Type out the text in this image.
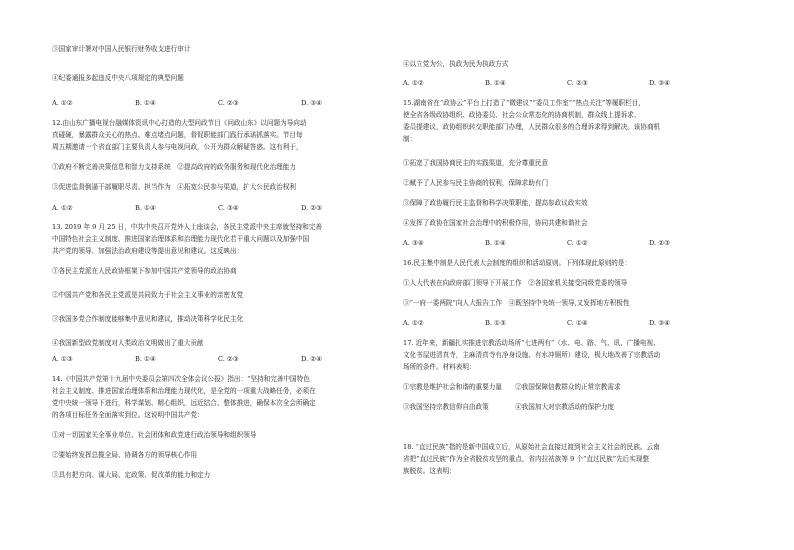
③国家审计署对中国人民银行财务收支进行审计
④纪委通报多起违反中央八项规定的典型问题
A. ①②	B. ①④	C. ②③	D. ③④
12.由山东广播电视台融媒体资讯中心打造的大型问政节目《问政山东》以问题为导向动
真碰硬，暴露群众关心的热点、难点堵点问题，督促职能部门践行承诺抓落实。节目每
周五期邀请一个省直部门主要负责人参与电视问政，公开为群众解疑答惑。这有利于，
①政府不断完善决策信息和智力支持系统　②提高政府的政务服务和现代化治理能力
③促进监督倒逼干部履职尽责、担当作为　④拓宽公民参与渠道，扩大公民政治权利
A. ①②	B. ①④	C. ③④	D. ②③
13. 2019 年 9 月 25 日，中共中央召开党外人士座谈会，各民主党派中央主席就坚持和完善
中国特色社会主义制度、推进国家治理体系和治理能力现代化若干重大问题以及加强中国
共产党的领导、加强法治政府建设等提出意见和建议。这反映出：
①各民主党派在人民政协框架下参加中国共产党领导的政治协商
②中国共产党和各民主党派是共同致力于社会主义事业的亲密友党
③我国多党合作制度能够集中意见和建议，推动决策科学化民主化
④我国新型政党制度对人类政治文明做出了重大贡献
A. ①③	B. ①④	C. ②③	D. ②④
14.《中国共产党第十九届中央委员会第四次全体会议公报》指出：“坚持和完善中国特色
社会主义制度、推进国家治理体系和治理能力现代化，是全党的一项重大战略任务，必须在
党中央统一领导下进行，科学谋划、精心组织，远近结合、整体推进，确保本次全会所确定
的各项目标任务全面落实到位。这说明中国共产党：
①对一切国家关全事业单位、社会团体和政党进行政治领导和组织领导
②要始终发挥总揽全局、协调各方的领导核心作用
③具有把方向、谋大局、定政策、促改革的能力和定力
④以立党为公，执政为民为执政方式
A. ①②	B. ①④	C. ②③	D. ③④
15.湖南省在“政协云”平台上打造了“微建议”“委员工作室”“热点关注”等履职栏目，
使全省各级政协组织、政协委员、社会公众常态化的协商机制，群众线上提诉求、
委员提建议，政协组织转交职能部门办理，人民群众很多的合理诉求得到解决。该协商机
制：
①拓宽了我国协商民主的实践渠道，充分尊重民意
②赋予了人民参与民主协商的权利，保障求助有门
③保障了政协履行民主监督和科学决策职能，提高参政议政实效
④发挥了政协在国家社会治理中的积极作用，协同共建和谐社会
A. ③④	B. ①④	C. ①②	D. ②③
16.民主集中制是人民代表大会制度的组织和活动原则。下列体现此原则的是：
①人大代表在向政府部门领导下开展工作　②各国家机关接受同级党委的领导
③“一府一委两院”向人大报告工作　④既坚持中央统一领导,又发挥地方积极性
A. ①②	B. ①③	C. ①④	D. ③④
17. 近年来，新疆扎实推进宗教活动场所“七进两有”（水、电、路、气、讯、广播电视、
文化书屋进清真寺，主麻清真寺有净身设施、有水冲厕所）建设，极大地改善了宗教活动
场所的条件。材料表明：
①宗教是维护社会和谐的重要力量　　②我国保障信教群众的正常宗教需求
③我国坚持宗教信仰自由政策　　　　④我国加大对宗教活动的保护力度
18. “直过民族”指的是新中国成立后，从原始社会直接过渡到社会主义社会的民族。云南
省把“直过民族”作为全省脱贫攻坚的重点，省内拉祜族等 9 个“直过民族”先后实现整
族脱贫。这表明：
